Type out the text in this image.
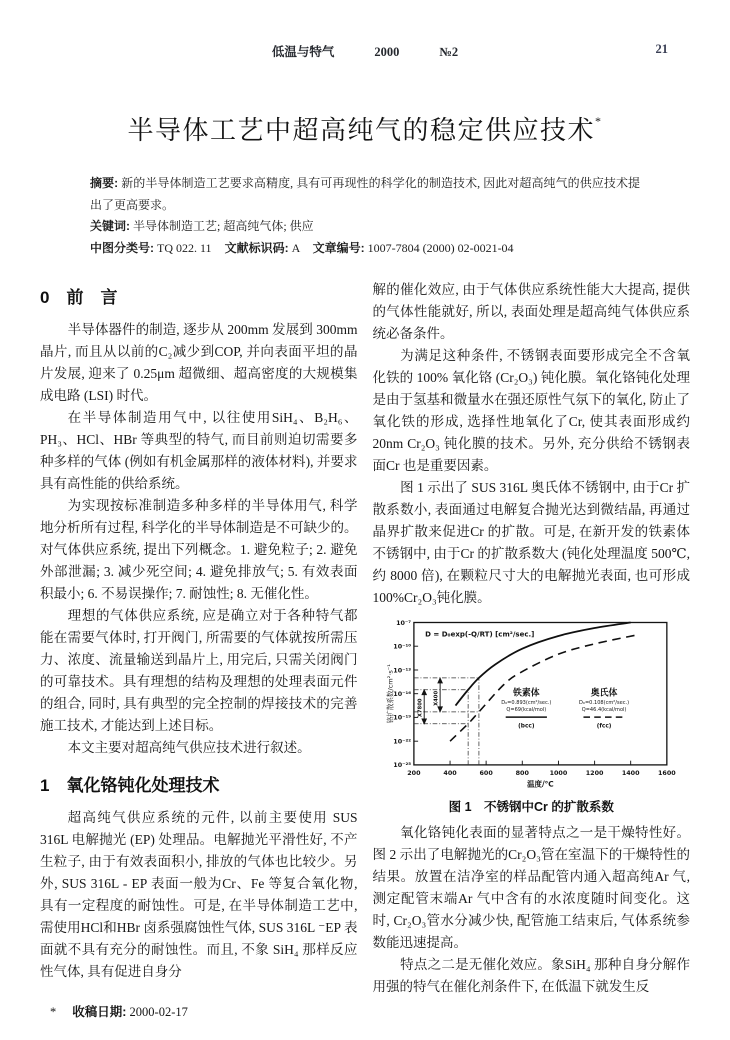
低温与特气	2000	№2	21
半导体工艺中超高纯气的稳定供应技术*

摘要: 新的半导体制造工艺要求高精度, 具有可再现性的科学化的制造技术, 因此对超高纯气的供应技术提出了更高要求。

关键词: 半导体制造工艺; 超高纯气体; 供应

中图分类号: TQ 022. 11 文献标识码: A 文章编号: 1007-7804 (2000) 02-0021-04

0　前　言

半导体器件的制造, 逐步从 200mm 发展到 300mm 晶片, 而且从以前的C₂减少到COP, 并向表面平坦的晶片发展, 迎来了 0.25μm 超微细、超高密度的大规模集成电路 (LSI) 时代。

在半导体制造用气中, 以往使用SiH₄、B₂H₆、PH₃、HCl、HBr 等典型的特气, 而目前则迫切需要多种多样的气体 (例如有机金属那样的液体材料), 并要求具有高性能的供给系统。

为实现按标准制造多种多样的半导体用气, 科学地分析所有过程, 科学化的半导体制造是不可缺少的。对气体供应系统, 提出下列概念。1. 避免粒子; 2. 避免外部泄漏; 3. 减少死空间; 4. 避免排放气; 5. 有效表面积最小; 6. 不易误操作; 7. 耐蚀性; 8. 无催化性。

理想的气体供应系统, 应是确立对于各种特气都能在需要气体时, 打开阀门, 所需要的气体就按所需压力、浓度、流量输送到晶片上, 用完后, 只需关闭阀门的可靠技术。具有理想的结构及理想的处理表面元件的组合, 同时, 具有典型的完全控制的焊接技术的完善施工技术, 才能达到上述目标。

本文主要对超高纯气供应技术进行叙述。

1　氧化铬钝化处理技术

超高纯气供应系统的元件, 以前主要使用 SUS 316L 电解抛光 (EP) 处理品。电解抛光平滑性好, 不产生粒子, 由于有效表面积小, 排放的气体也比较少。另外, SUS 316L - EP 表面一般为Cr、Fe 等复合氧化物, 具有一定程度的耐蚀性。可是, 在半导体制造工艺中, 需使用HCl和HBr 卤系强腐蚀性气体, SUS 316L ⁻EP 表面就不具有充分的耐蚀性。而且, 不象 SiH₄ 那样反应性气体, 具有促进自身分

* 收稿日期: 2000-02-17

解的催化效应, 由于气体供应系统性能大大提高, 提供的气体性能就好, 所以, 表面处理是超高纯气体供应系统必备条件。

为满足这种条件, 不锈钢表面要形成完全不含氧化铁的 100% 氧化铬 (Cr₂O₃) 钝化膜。氧化铬钝化处理是由于氢基和微量水在强还原性气氛下的氧化, 防止了氧化铁的形成, 选择性地氧化了Cr, 使其表面形成约 20nm Cr₂O₃ 钝化膜的技术。另外, 充分供给不锈钢表面Cr 也是重要因素。

图 1 示出了 SUS 316L 奥氏体不锈钢中, 由于Cr 扩散系数小, 表面通过电解复合抛光达到微结晶, 再通过晶界扩散来促进Cr 的扩散。可是, 在新开发的铁素体不锈钢中, 由于Cr 的扩散系数大 (钝化处理温度 500℃, 约 8000 倍), 在颗粒尺寸大的电解抛光表面, 也可形成 100%Cr₂O₃钝化膜。

10⁻⁷
10⁻¹⁰
10⁻¹³
10⁻¹⁶
10⁻¹⁹
10⁻²²
10⁻²⁵
200	400	600	800	1000	1200	1400	1600
温度/℃
铬扩散系数/cm²·s⁻¹
D = D₀exp(-Q/RT) [cm²/sec.]
X7800
X400	铁素体
D₀=0.893(cm²/sec.)
Q=69(kcal/mol)
(bcc)
奥氏体
D₀=0.108(cm²/sec.)
Q=46.4(kcal/mol)
(fcc)
图 1　不锈钢中Cr 的扩散系数

氧化铬钝化表面的显著特点之一是干燥特性好。图 2 示出了电解抛光的Cr₂O₃管在室温下的干燥特性的结果。放置在洁净室的样品配管内通入超高纯Ar 气, 测定配管末端Ar 气中含有的水浓度随时间变化。这时, Cr₂O₃管水分减少快, 配管施工结束后, 气体系统参数能迅速提高。

特点之二是无催化效应。象SiH₄ 那种自身分解作用强的特气在催化剂条件下, 在低温下就发生反
